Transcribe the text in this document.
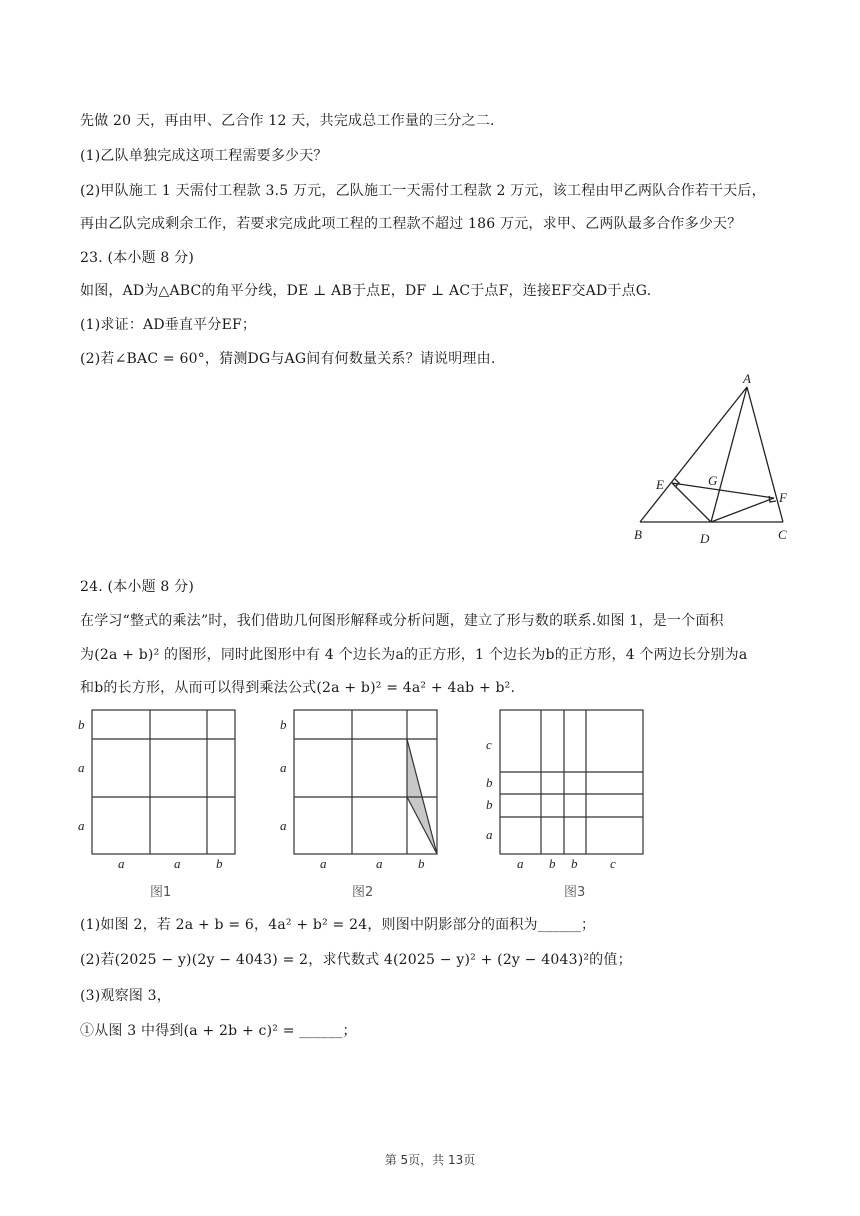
先做 20 天，再由甲、乙合作 12 天，共完成总工作量的三分之二.
(1)乙队单独完成这项工程需要多少天？
(2)甲队施工 1 天需付工程款 3.5 万元，乙队施工一天需付工程款 2 万元，该工程由甲乙两队合作若干天后，
再由乙队完成剩余工作，若要求完成此项工程的工程款不超过 186 万元，求甲、乙两队最多合作多少天？
23. (本小题 8 分)
如图，AD为△ABC的角平分线，DE ⊥ AB于点E，DF ⊥ AC于点F，连接EF交AD于点G.
(1)求证：AD垂直平分EF；
(2)若∠BAC = 60°，猜测DG与AG间有何数量关系？请说明理由.
A
B	C
D
E
F
G
24. (本小题 8 分)
在学习“整式的乘法”时，我们借助几何图形解释或分析问题，建立了形与数的联系.如图 1，是一个面积
为(2a + b)² 的图形，同时此图形中有 4 个边长为a的正方形，1 个边长为b的正方形，4 个两边长分别为a
和b的长方形，从而可以得到乘法公式(2a + b)² = 4a² + 4ab + b².
b
a
a
a	a	b
图1
b
a
a
a	a	b
图2
c
b
b
a
a b b	c
图3
(1)如图 2，若 2a + b = 6，4a² + b² = 24，则图中阴影部分的面积为______；
(2)若(2025 − y)(2y − 4043) = 2，求代数式 4(2025 − y)² + (2y − 4043)²的值；
(3)观察图 3，
①从图 3 中得到(a + 2b + c)² = ______；
第 5页，共 13页
